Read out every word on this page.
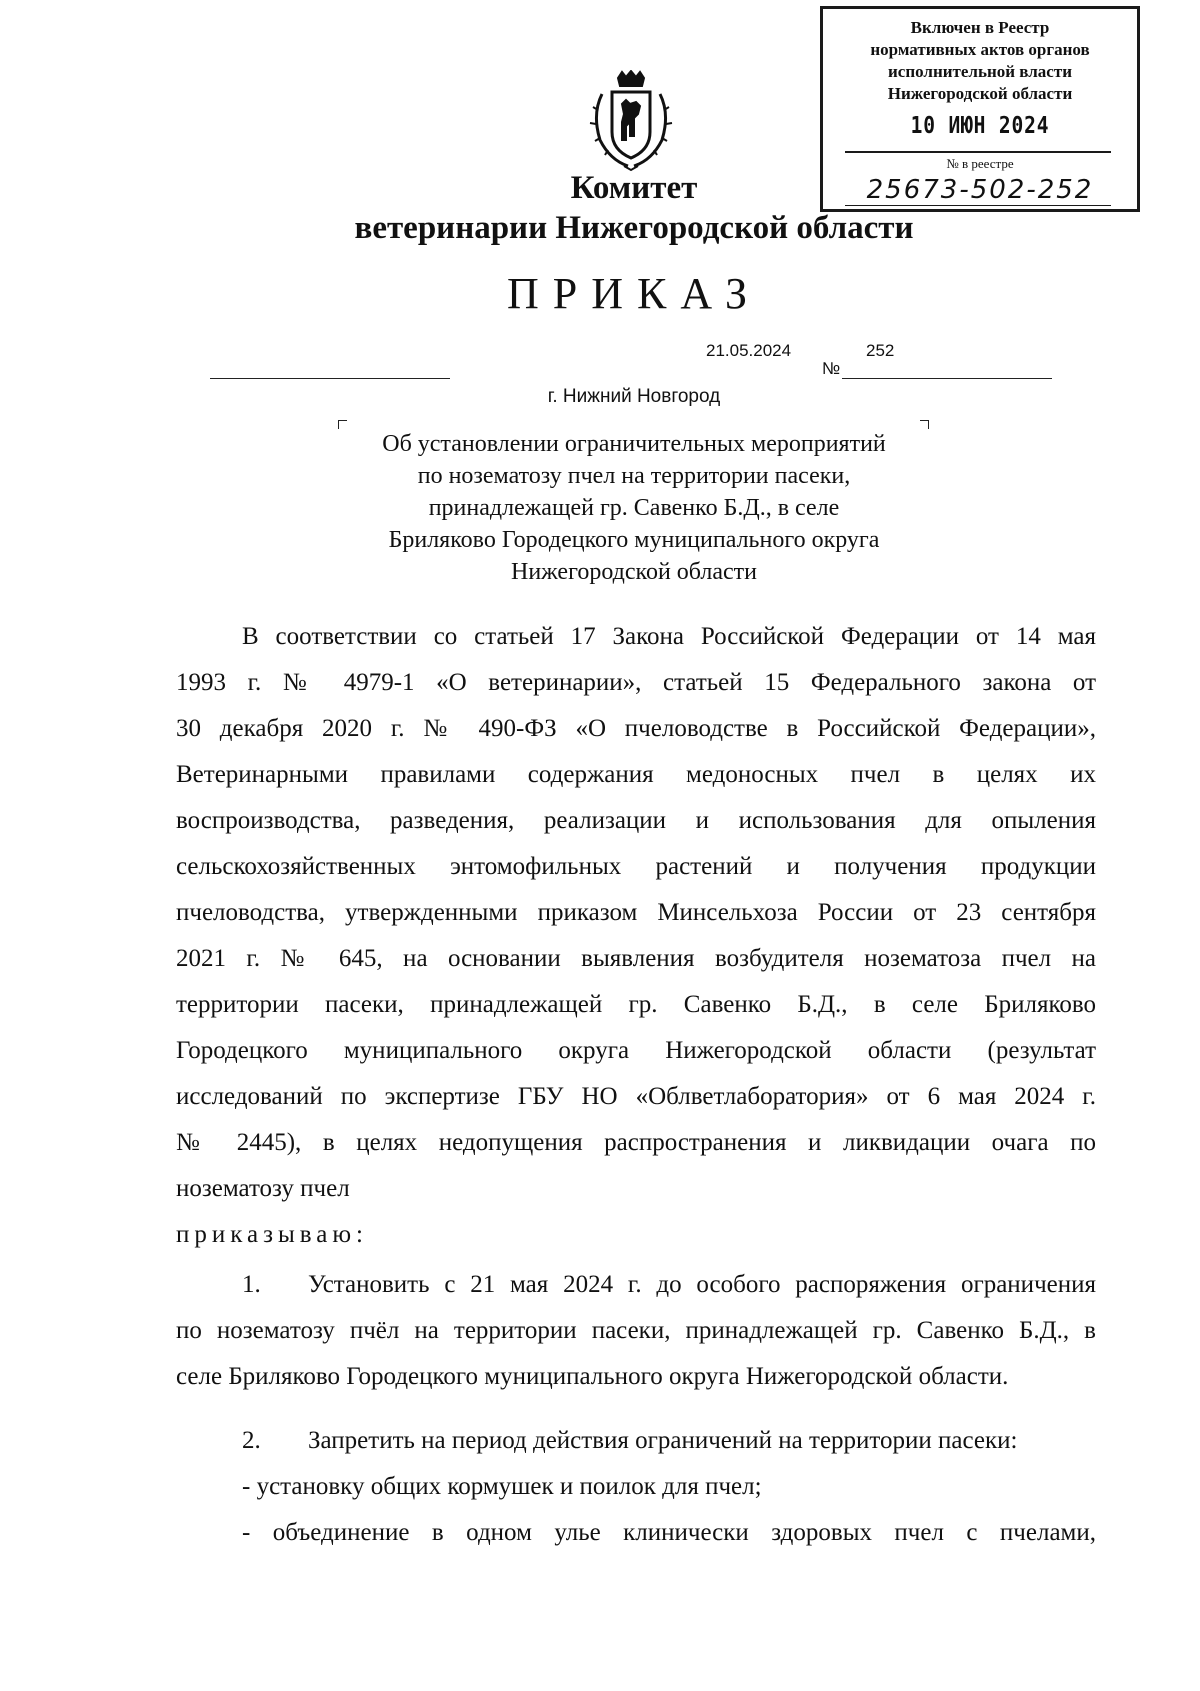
Включен в Реестр
нормативных актов органов
исполнительной власти
Нижегородской области
10 ИЮН 2024
№ в реестре
25673-502-252
Комитет
ветеринарии Нижегородской области
ПРИКАЗ
21.05.2024	252
№
г. Нижний Новгород
Об установлении ограничительных мероприятий
по нозематозу пчел на территории пасеки,
принадлежащей гр. Савенко Б.Д., в селе
Бриляково Городецкого муниципального округа
Нижегородской области
В соответствии со статьей 17 Закона Российской Федерации от 14 мая
1993 г. № 4979-1 «О ветеринарии», статьей 15 Федерального закона от
30 декабря 2020 г. № 490-ФЗ «О пчеловодстве в Российской Федерации»,
Ветеринарными правилами содержания медоносных пчел в целях их
воспроизводства, разведения, реализации и использования для опыления
сельскохозяйственных энтомофильных растений и получения продукции
пчеловодства, утвержденными приказом Минсельхоза России от 23 сентября
2021 г. № 645, на основании выявления возбудителя нозематоза пчел на
территории пасеки, принадлежащей гр. Савенко Б.Д., в селе Бриляково
Городецкого муниципального округа Нижегородской области (результат
исследований по экспертизе ГБУ НО «Облветлаборатория» от 6 мая 2024 г.
№ 2445), в целях недопущения распространения и ликвидации очага по
нозематозу пчел
приказываю:
1. Установить с 21 мая 2024 г. до особого распоряжения ограничения
по нозематозу пчёл на территории пасеки, принадлежащей гр. Савенко Б.Д., в
селе Бриляково Городецкого муниципального округа Нижегородской области.
2. Запретить на период действия ограничений на территории пасеки:
- установку общих кормушек и поилок для пчел;
- объединение в одном улье клинически здоровых пчел с пчелами,
